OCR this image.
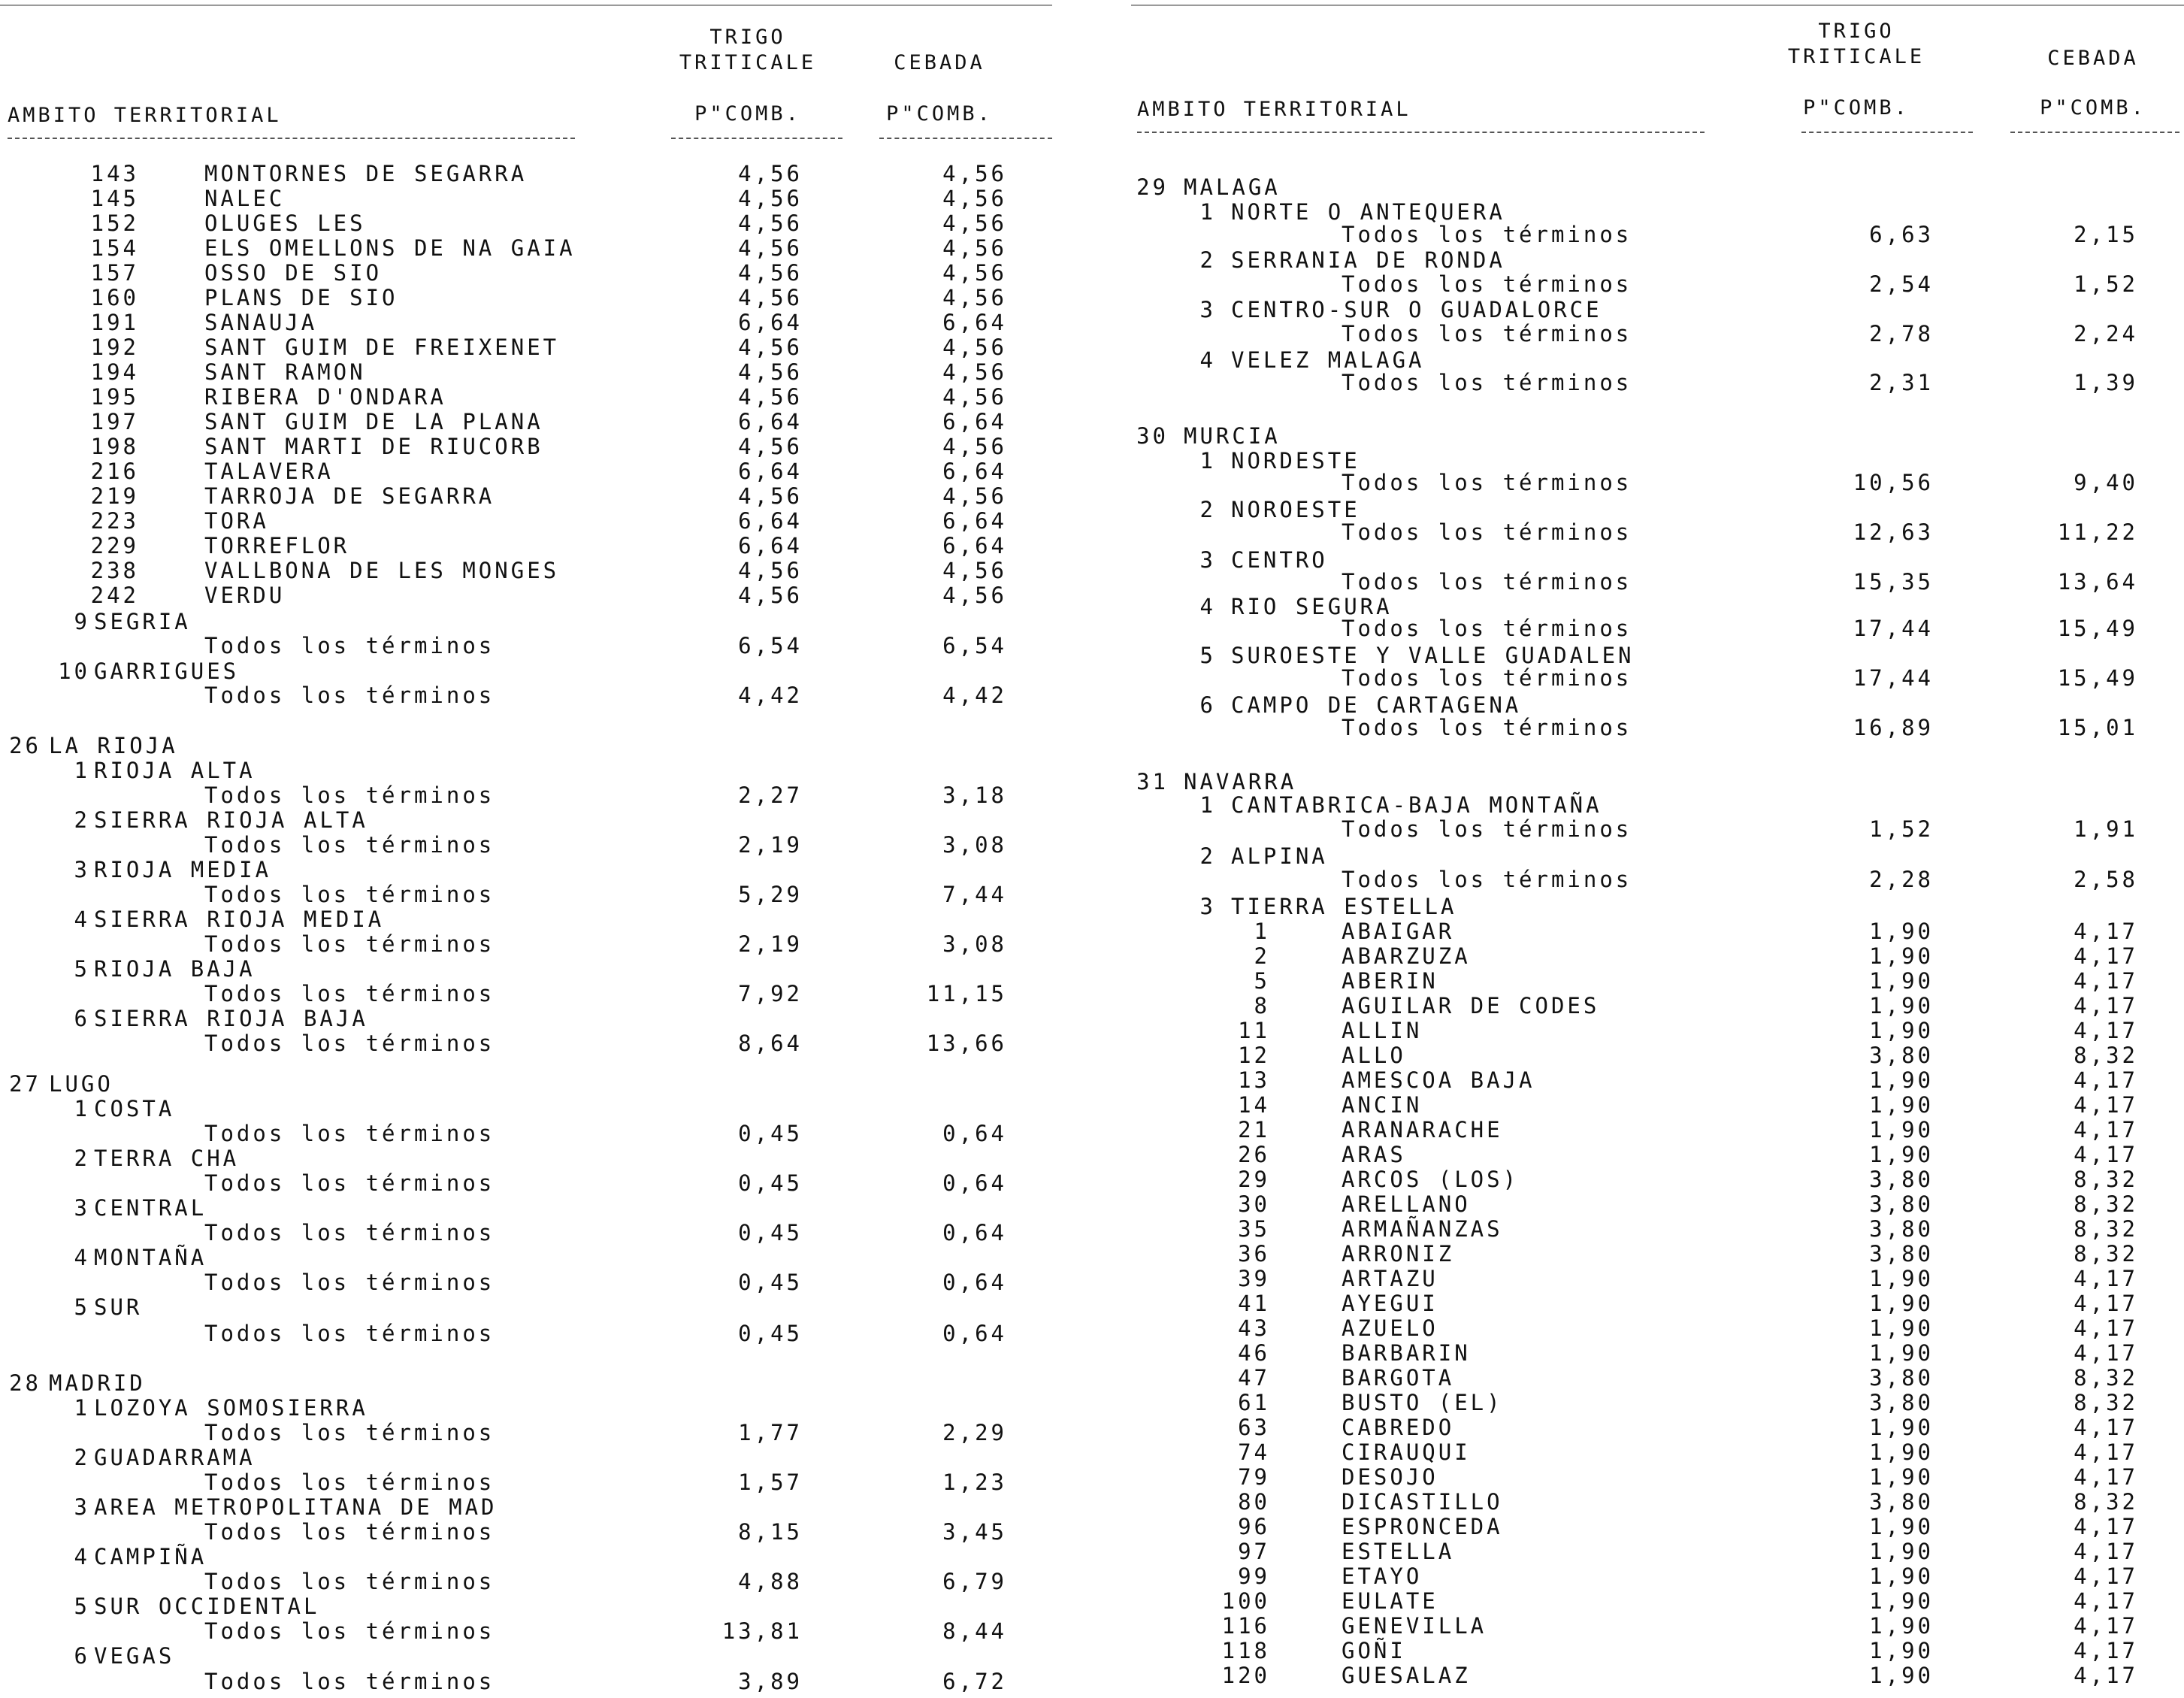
TRIGO
TRITICALE	CEBADA
AMBITO TERRITORIAL	P"COMB.	P"COMB.
143	MONTORNES DE SEGARRA	4,56	4,56
145	NALEC	4,56	4,56
152	OLUGES LES	4,56	4,56
154	ELS OMELLONS DE NA GAIA	4,56	4,56
157	OSSO DE SIO	4,56	4,56
160	PLANS DE SIO	4,56	4,56
191	SANAUJA	6,64	6,64
192	SANT GUIM DE FREIXENET	4,56	4,56
194	SANT RAMON	4,56	4,56
195	RIBERA D'ONDARA	4,56	4,56
197	SANT GUIM DE LA PLANA	6,64	6,64
198	SANT MARTI DE RIUCORB	4,56	4,56
216	TALAVERA	6,64	6,64
219	TARROJA DE SEGARRA	4,56	4,56
223	TORA	6,64	6,64
229	TORREFLOR	6,64	6,64
238	VALLBONA DE LES MONGES	4,56	4,56
242	VERDU	4,56	4,56
9 SEGRIA
Todos los términos	6,54	6,54
10 GARRIGUES
Todos los términos	4,42	4,42
26 LA RIOJA
1 RIOJA ALTA
Todos los términos	2,27	3,18
2 SIERRA RIOJA ALTA
Todos los términos	2,19	3,08
3 RIOJA MEDIA
Todos los términos	5,29	7,44
4 SIERRA RIOJA MEDIA
Todos los términos	2,19	3,08
5 RIOJA BAJA
Todos los términos	7,92	11,15
6 SIERRA RIOJA BAJA
Todos los términos	8,64	13,66
27 LUGO
1 COSTA
Todos los términos	0,45	0,64
2 TERRA CHA
Todos los términos	0,45	0,64
3 CENTRAL
Todos los términos	0,45	0,64
4 MONTAÑA
Todos los términos	0,45	0,64
5 SUR
Todos los términos	0,45	0,64
28 MADRID
1 LOZOYA SOMOSIERRA
Todos los términos	1,77	2,29
2 GUADARRAMA
Todos los términos	1,57	1,23
3 AREA METROPOLITANA DE MAD
Todos los términos	8,15	3,45
4 CAMPIÑA
Todos los términos	4,88	6,79
5 SUR OCCIDENTAL
Todos los términos	13,81	8,44
6 VEGAS
Todos los términos	3,89	6,72
TRIGO
TRITICALE	CEBADA
AMBITO TERRITORIAL	P"COMB.	P"COMB.
29 MALAGA
1 NORTE O ANTEQUERA
Todos los términos	6,63	2,15
2 SERRANIA DE RONDA
Todos los términos	2,54	1,52
3 CENTRO-SUR O GUADALORCE
Todos los términos	2,78	2,24
4 VELEZ MALAGA
Todos los términos	2,31	1,39
30 MURCIA
1 NORDESTE
Todos los términos	10,56	9,40
2 NOROESTE
Todos los términos	12,63	11,22
3 CENTRO
Todos los términos	15,35	13,64
4 RIO SEGURA
Todos los términos	17,44	15,49
5 SUROESTE Y VALLE GUADALEN
Todos los términos	17,44	15,49
6 CAMPO DE CARTAGENA
Todos los términos	16,89	15,01
31 NAVARRA
1 CANTABRICA-BAJA MONTAÑA
Todos los términos	1,52	1,91
2 ALPINA
Todos los términos	2,28	2,58
3 TIERRA ESTELLA
1	ABAIGAR	1,90	4,17
2	ABARZUZA	1,90	4,17
5	ABERIN	1,90	4,17
8	AGUILAR DE CODES	1,90	4,17
11	ALLIN	1,90	4,17
12	ALLO	3,80	8,32
13	AMESCOA BAJA	1,90	4,17
14	ANCIN	1,90	4,17
21	ARANARACHE	1,90	4,17
26	ARAS	1,90	4,17
29	ARCOS (LOS)	3,80	8,32
30	ARELLANO	3,80	8,32
35	ARMAÑANZAS	3,80	8,32
36	ARRONIZ	3,80	8,32
39	ARTAZU	1,90	4,17
41	AYEGUI	1,90	4,17
43	AZUELO	1,90	4,17
46	BARBARIN	1,90	4,17
47	BARGOTA	3,80	8,32
61	BUSTO (EL)	3,80	8,32
63	CABREDO	1,90	4,17
74	CIRAUQUI	1,90	4,17
79	DESOJO	1,90	4,17
80	DICASTILLO	3,80	8,32
96	ESPRONCEDA	1,90	4,17
97	ESTELLA	1,90	4,17
99	ETAYO	1,90	4,17
100	EULATE	1,90	4,17
116	GENEVILLA	1,90	4,17
118	GOÑI	1,90	4,17
120	GUESALAZ	1,90	4,17
